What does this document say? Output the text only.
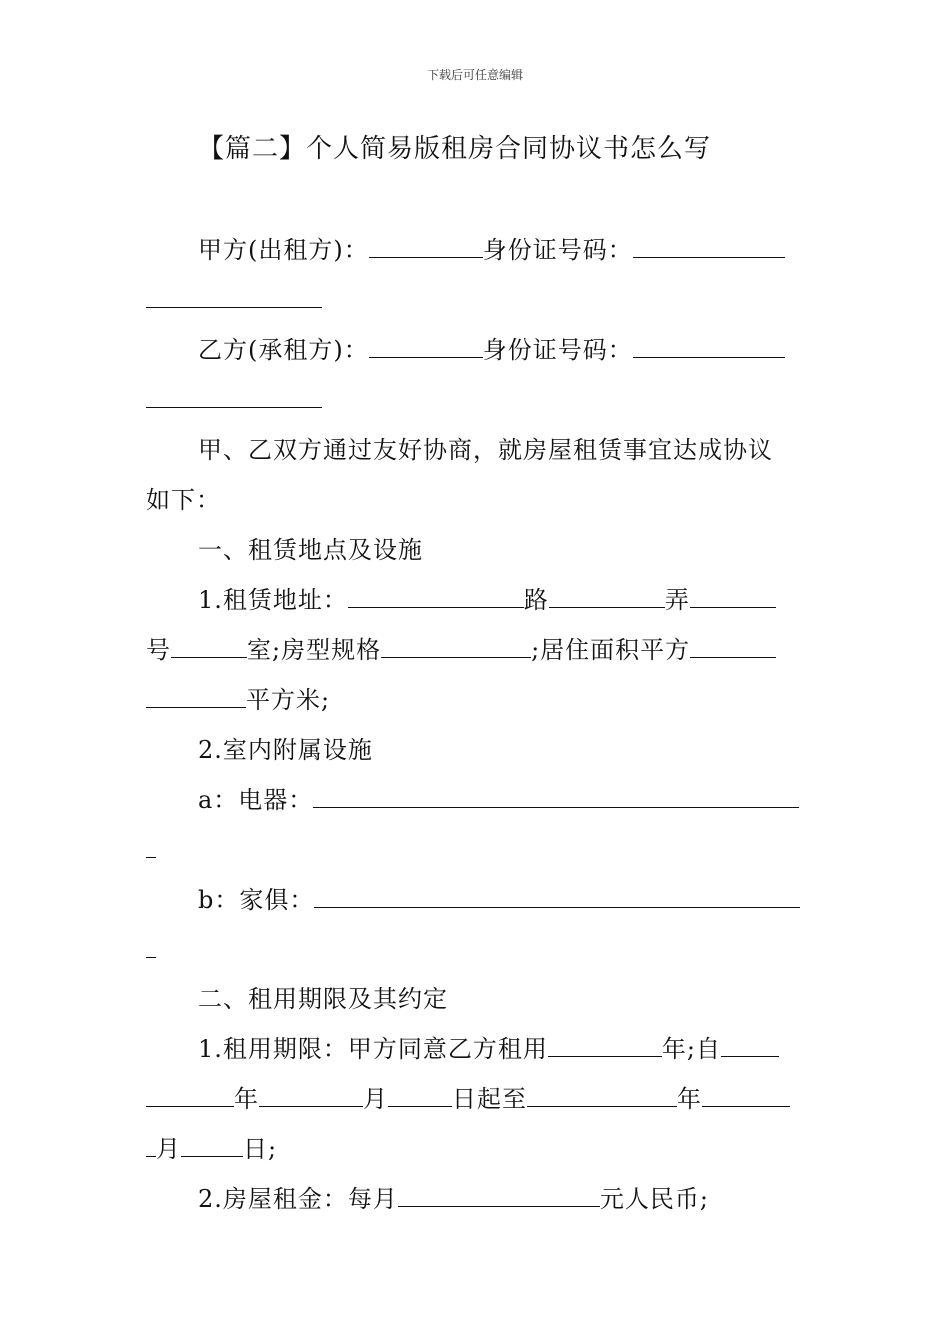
下载后可任意编辑
【篇二】个人简易版租房合同协议书怎么写
甲方(出租方)：	身份证号码：
乙方(承租方)：	身份证号码：
甲、乙双方通过友好协商，就房屋租赁事宜达成协议
如下：
一、租赁地点及设施
1.租赁地址：	路	弄
号	室;房型规格	;居住面积平方
平方米;
2.室内附属设施
a：电器：
b：家俱：
二、租用期限及其约定
1.租用期限：甲方同意乙方租用	年;自
年	月	日起至	年
月	日;
2.房屋租金：每月	元人民币;
